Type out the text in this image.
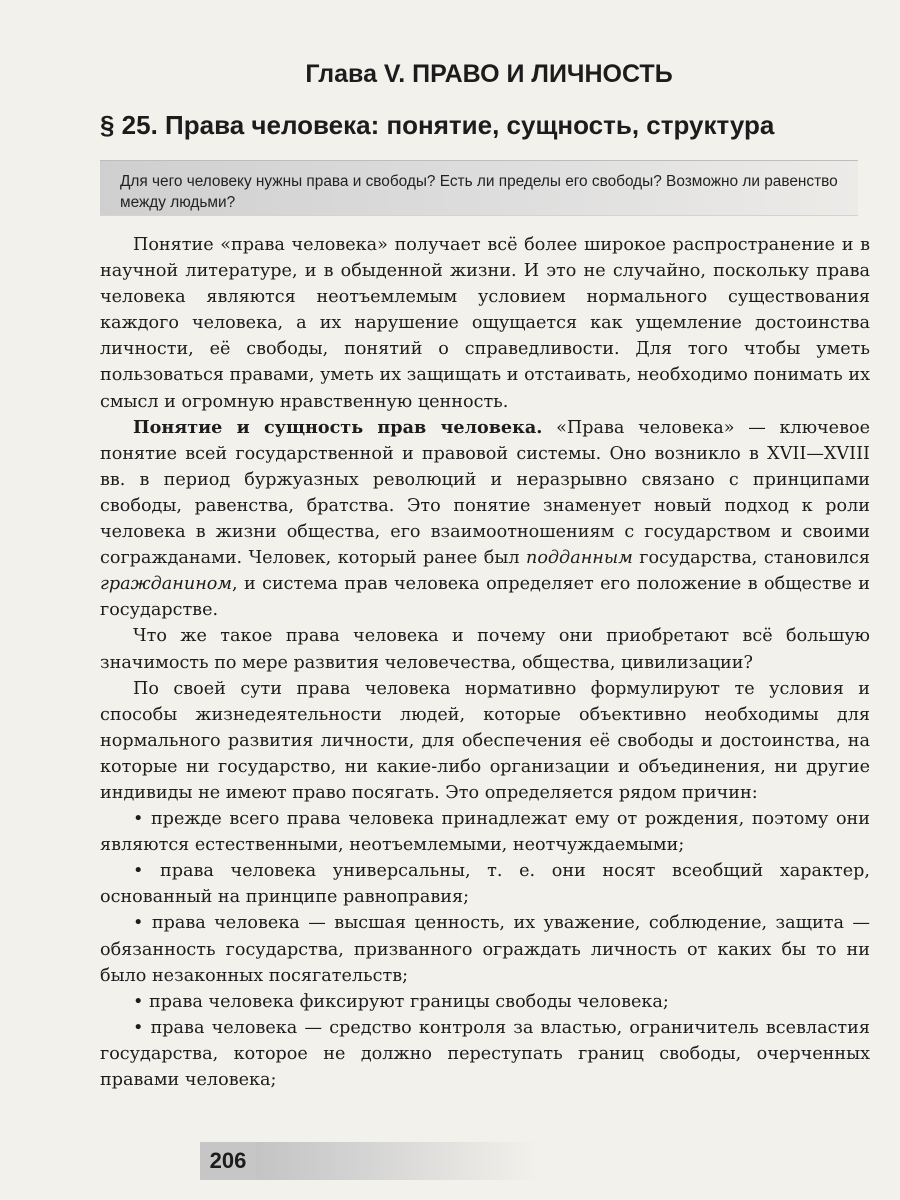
Глава V. ПРАВО И ЛИЧНОСТЬ
§ 25. Права человека: понятие, сущность, структура

Для чего человеку нужны права и свободы? Есть ли пределы его свободы? Возможно ли равенство между людьми?

Понятие «права человека» получает всё более широкое распространение и в научной литературе, и в обыденной жизни. И это не случайно, поскольку права человека являются неотъемлемым условием нормального существования каждого человека, а их нарушение ощущается как ущемление достоинства личности, её свободы, понятий о справедливости. Для того чтобы уметь пользоваться правами, уметь их защищать и отстаивать, необходимо понимать их смысл и огромную нравственную ценность.

Понятие и сущность прав человека. «Права человека» — ключевое понятие всей государственной и правовой системы. Оно возникло в XVII—XVIII вв. в период буржуазных революций и неразрывно связано с принципами свободы, равенства, братства. Это понятие знаменует новый подход к роли человека в жизни общества, его взаимоотношениям с государством и своими согражданами. Человек, который ранее был подданным государства, становился гражданином, и система прав человека определяет его положение в обществе и государстве.

Что же такое права человека и почему они приобретают всё большую значимость по мере развития человечества, общества, цивилизации?

По своей сути права человека нормативно формулируют те условия и способы жизнедеятельности людей, которые объективно необходимы для нормального развития личности, для обеспечения её свободы и достоинства, на которые ни государство, ни какие-либо организации и объединения, ни другие индивиды не имеют право посягать. Это определяется рядом причин:

• прежде всего права человека принадлежат ему от рождения, поэтому они являются естественными, неотъемлемыми, неотчуждаемыми;

• права человека универсальны, т. е. они носят всеобщий характер, основанный на принципе равноправия;

• права человека — высшая ценность, их уважение, соблюдение, защита — обязанность государства, призванного ограждать личность от каких бы то ни было незаконных посягательств;

• права человека фиксируют границы свободы человека;

• права человека — средство контроля за властью, ограничитель всевластия государства, которое не должно переступать границ свободы, очерченных правами человека;

206
